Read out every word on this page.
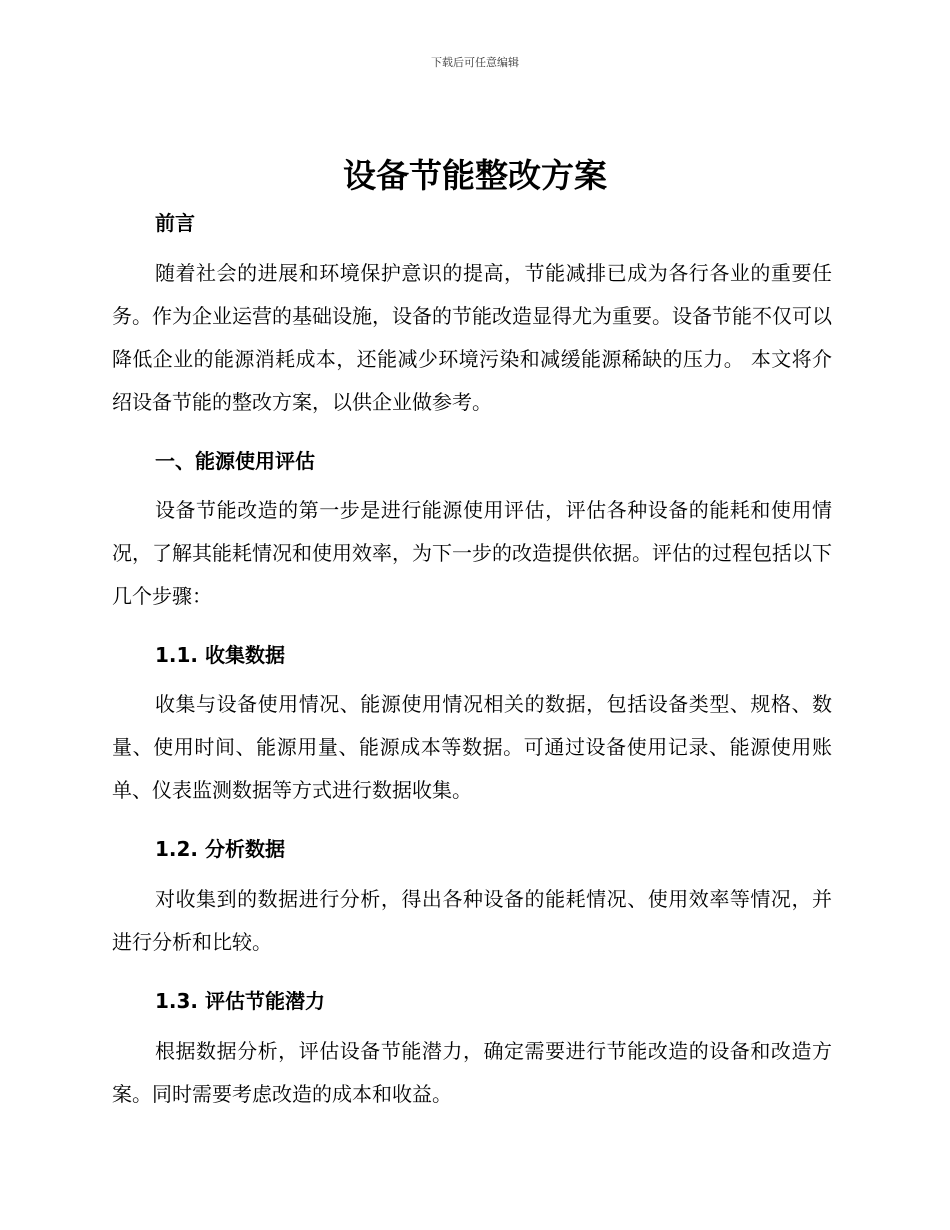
下载后可任意编辑
设备节能整改方案
前言
随着社会的进展和环境保护意识的提高，节能减排已成为各行各业的重要任务。作为企业运营的基础设施，设备的节能改造显得尤为重要。设备节能不仅可以降低企业的能源消耗成本，还能减少环境污染和减缓能源稀缺的压力。 本文将介绍设备节能的整改方案，以供企业做参考。
一、能源使用评估
设备节能改造的第一步是进行能源使用评估，评估各种设备的能耗和使用情况，了解其能耗情况和使用效率，为下一步的改造提供依据。评估的过程包括以下几个步骤：
1.1. 收集数据
收集与设备使用情况、能源使用情况相关的数据，包括设备类型、规格、数量、使用时间、能源用量、能源成本等数据。可通过设备使用记录、能源使用账单、仪表监测数据等方式进行数据收集。
1.2. 分析数据
对收集到的数据进行分析，得出各种设备的能耗情况、使用效率等情况，并进行分析和比较。
1.3. 评估节能潜力
根据数据分析，评估设备节能潜力，确定需要进行节能改造的设备和改造方案。同时需要考虑改造的成本和收益。
